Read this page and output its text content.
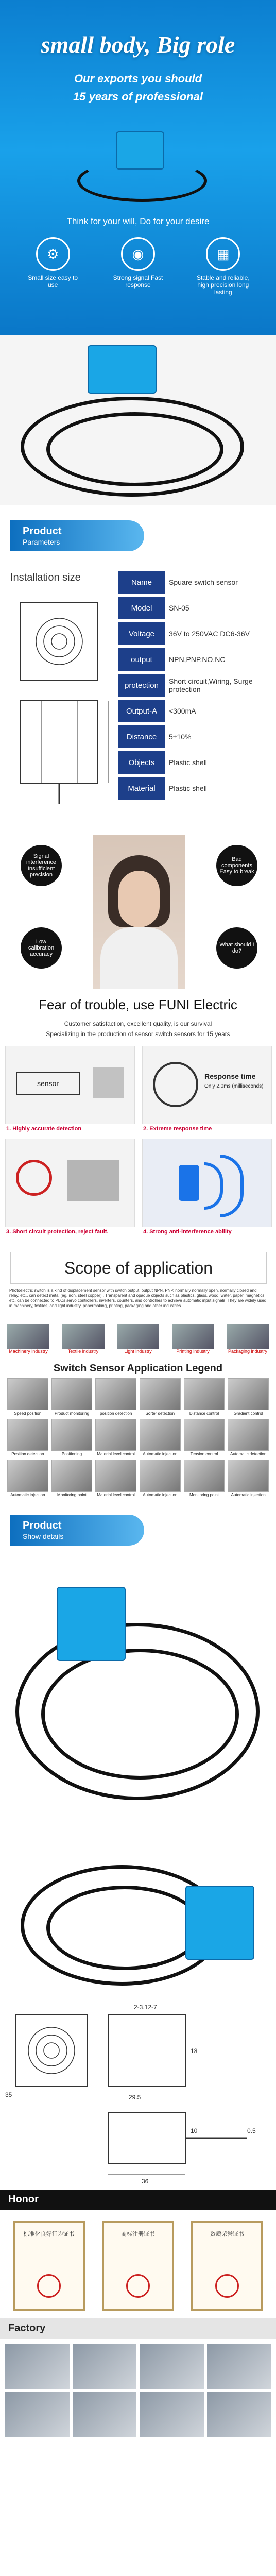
small body, Big role
Our exports you should
15 years of professional
Think for your will, Do for your desire
⚙
Small size easy to use
◉
Strong signal Fast response
▦
Stable and reliable, high precision long lasting
Product
Parameters
Installation size	Name	Spuare switch sensor
Model	SN-05
Voltage	36V to 250VAC DC6-36V
output	NPN,PNP,NO,NC
protection	Short circuit,Wiring, Surge protection
Output-A	<300mA
Distance	5±10%
Objects	Plastic shell
Material	Plastic shell
Signal interference Insufficient precision
Bad components Easy to break
Low calibration accuracy
What should I do?
Fear of trouble, use FUNI Electric
Customer satisfaction, excellent quality, is our survival
Specializing in the production of sensor switch sensors for 15 years
sensor
1. Highly accurate detection
Response time
Only 2.0ms (milliseconds)
2. Extreme response time
3. Short circuit protection, reject fault.	4. Strong anti-interference ability
Scope of application
Photoelectric switch is a kind of displacement sensor with switch output, output NPN, PNP, normally normally open, normally closed and relay, etc., can detect metal (eg, iron, steel copper) . Transparent and opaque objects such as plastics, glass, wood, water, paper, magnetics, etc. can be connected to PLCs servo controllers, inverters, counters, and controllers to achieve automatic input signals. They are widely used in machinery, textiles, and light industry, papermaking, printing, packaging and other industries.
Machinery industry	Textile industry	Light industry	Printing industry	Packaging industry
Switch Sensor Application Legend
Speed position	Product monitoring	position detection	Sorter detection	Distance control	Gradient control
Position detection	Positioning	Material level control	Automatic injection	Tension control	Automatic detection
Automatic injection	Monitoring point	Material level control	Automatic injection	Monitoring point	Automatic injection
Product
Show details
2-3.12-7
29.5
18
36
10
35
0.5
Honor
标准化良好行为证书	商标注册证书	资质荣誉证书
Factory
